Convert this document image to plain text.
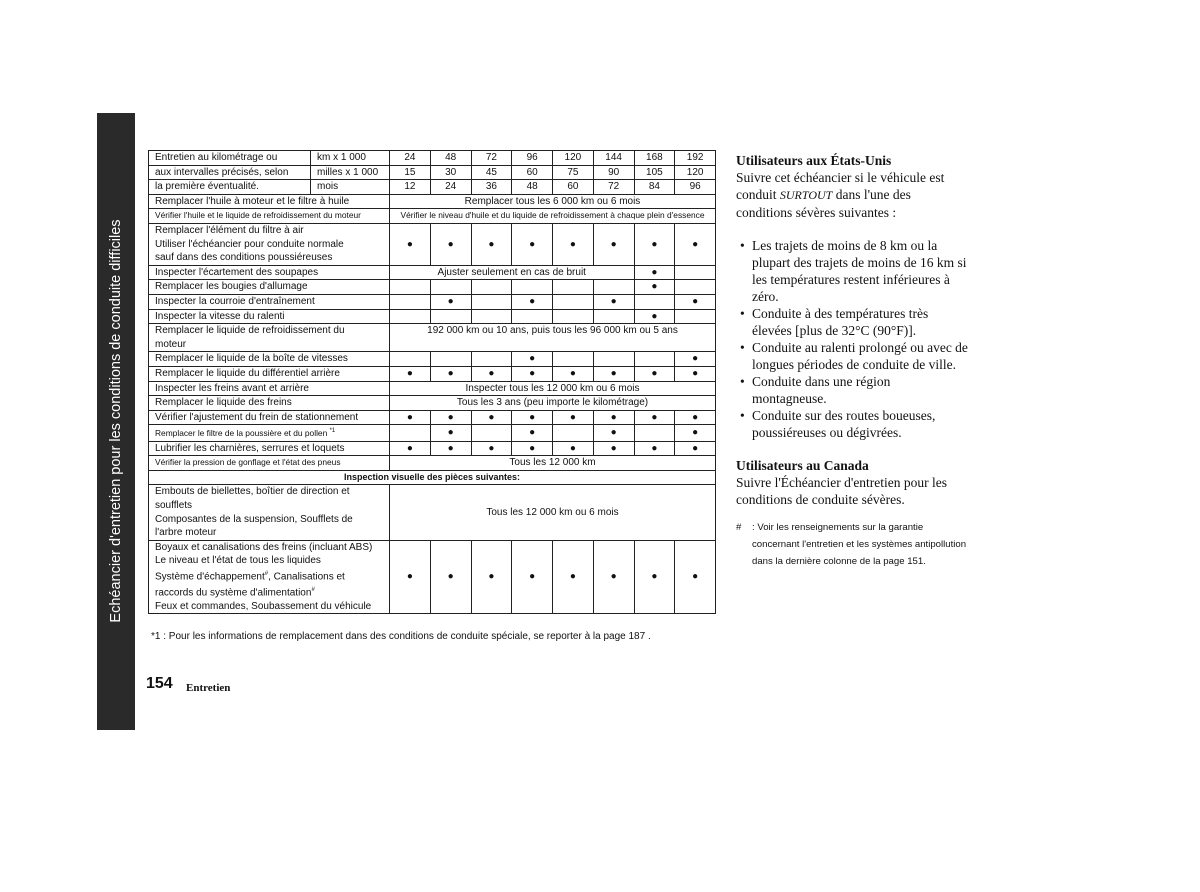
Echéancier d'entretien pour les conditions de conduite difficiles
Entretien au kilométrage ou	km x 1 000	24	48	72	96	120	144	168	192
aux intervalles précisés, selon	milles x 1 000	15	30	45	60	75	90	105	120
la première éventualité.	mois	12	24	36	48	60	72	84	96
Remplacer l'huile à moteur et le filtre à huile		Remplacer tous les 6 000 km ou 6 mois							
Vérifier l'huile et le liquide de refroidissement du moteur		Vérifier le niveau d'huile et du liquide de refroidissement à chaque plein d'essence							

Remplacer l'élément du filtre à air
Utiliser l'échéancier pour conduite normale
sauf dans des conditions poussiéreuses		●	●	●	●	●	●	●	●
Inspecter l'écartement des soupapes		Ajuster seulement en cas de bruit						●	
Remplacer les bougies d'allumage								●	
Inspecter la courroie d'entraînement			●		●		●		●
Inspecter la vitesse du ralenti								●	

Remplacer le liquide de refroidissement du
moteur		192 000 km ou 10 ans, puis tous les 96 000 km ou 5 ans							
Remplacer le liquide de la boîte de vitesses					●				●
Remplacer le liquide du différentiel arrière		●	●	●	●	●	●	●	●
Inspecter les freins avant et arrière		Inspecter tous les 12 000 km ou 6 mois							
Remplacer le liquide des freins		Tous les 3 ans (peu importe le kilométrage)							
Vérifier l'ajustement du frein de stationnement		●	●	●	●	●	●	●	●
Remplacer le filtre de la poussière et du pollen $^{*1}$			●		●		●		●
Lubrifier les charnières, serrures et loquets		●	●	●	●	●	●	●	●
Vérifier la pression de gonflage et l'état des pneus		Tous les 12 000 km							
Inspection visuelle des pièces suivantes:									

Embouts de biellettes, boîtier de direction et
soufflets
Composantes de la suspension, Soufflets de
l'arbre moteur		Tous les 12 000 km ou 6 mois							

Boyaux et canalisations des freins (incluant ABS)
Le niveau et l'état de tous les liquides
Système d'échappement#, Canalisations et
raccords du système d'alimentation#
Feux et commandes, Soubassement du véhicule		●	●	●	●	●	●	●	●
*1 : Pour les informations de remplacement dans des conditions de conduite spéciale, se reporter à la page 187 .
154 Entretien
Utilisateurs aux États-Unis

Suivre cet échéancier si le véhicule est conduit SURTOUT dans l'une des conditions sévères suivantes :

• Les trajets de moins de 8 km ou la plupart des trajets de moins de 16 km si les températures restent inférieures à zéro.
• Conduite à des températures très élevées [plus de 32°C (90°F)].
• Conduite au ralenti prolongé ou avec de longues périodes de conduite de ville.
• Conduite dans une région montagneuse.
• Conduite sur des routes boueuses, poussiéreuses ou dégivrées.
Utilisateurs au Canada

Suivre l'Échéancier d'entretien pour les conditions de conduite sévères.

# : Voir les renseignements sur la garantie concernant l'entretien et les systèmes antipollution dans la dernière colonne de la page 151.
